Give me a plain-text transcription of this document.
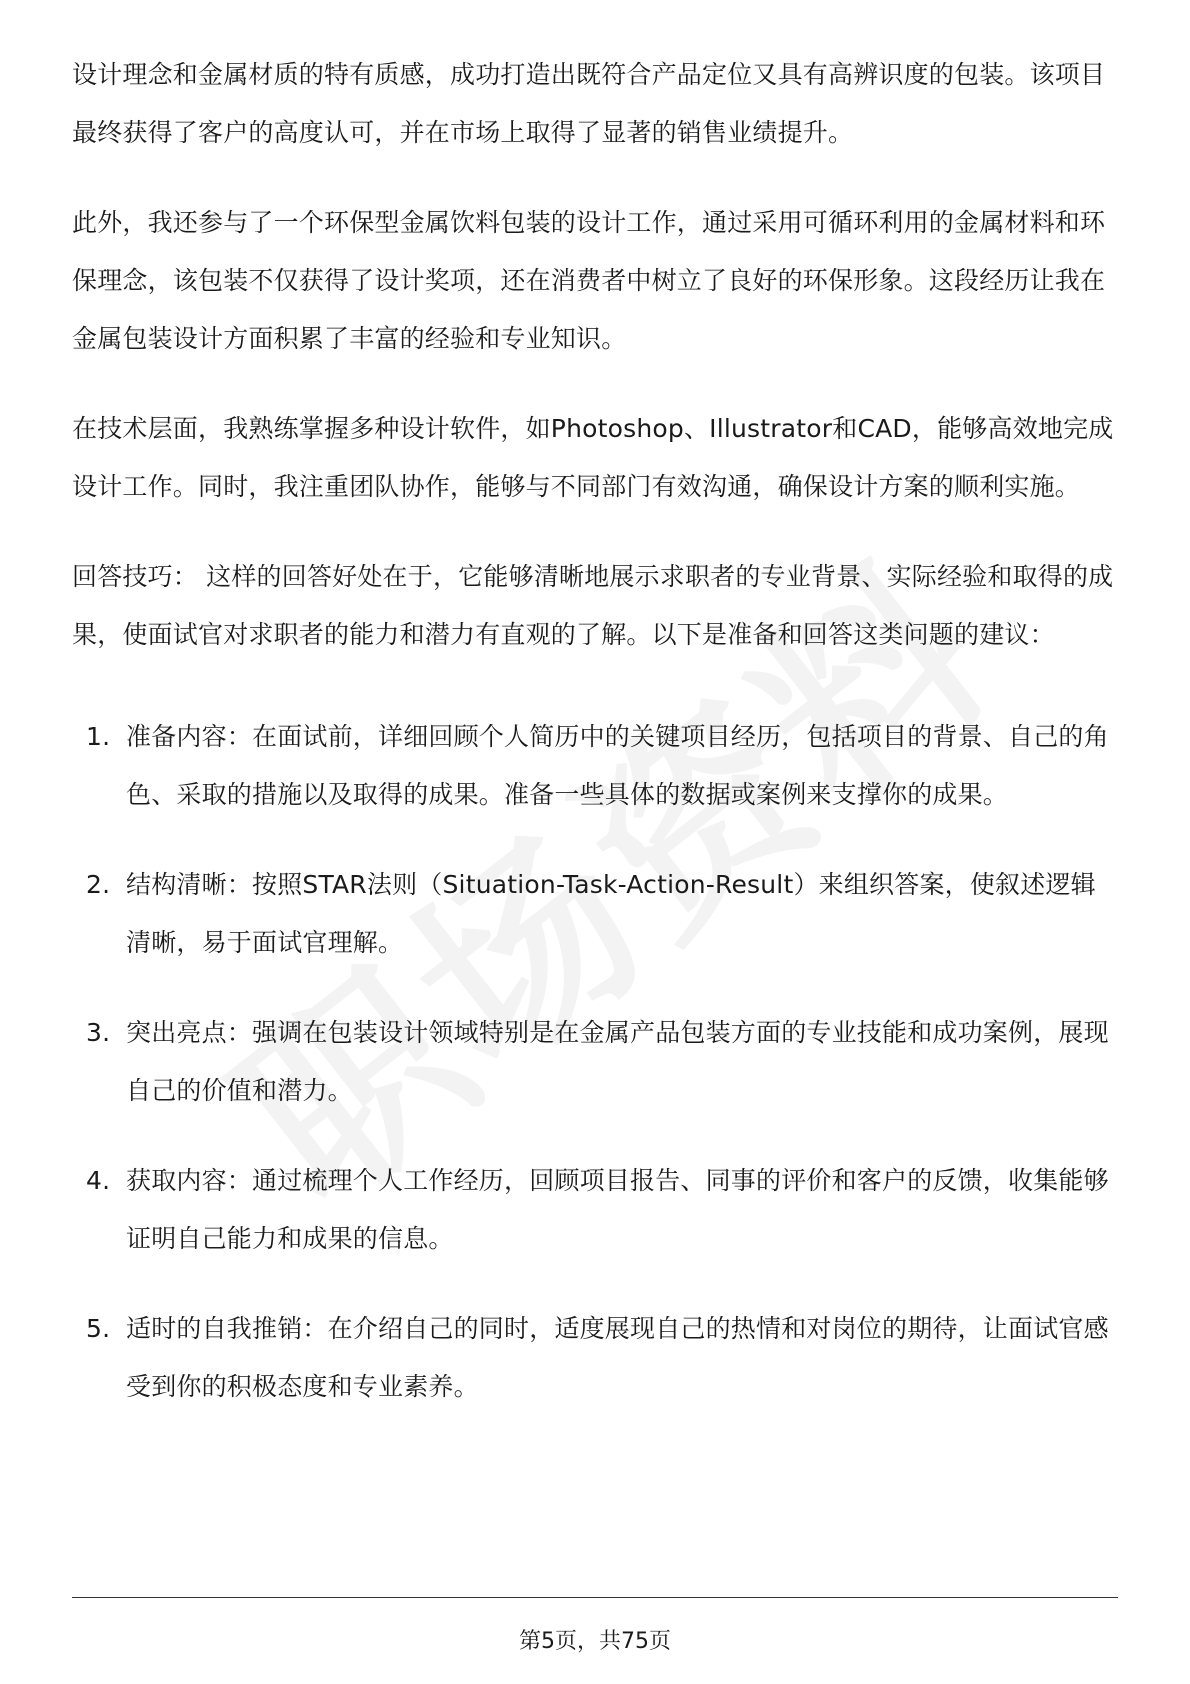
设计理念和金属材质的特有质感，成功打造出既符合产品定位又具有高辨识度的包装。该项目最终获得了客户的高度认可，并在市场上取得了显著的销售业绩提升。

此外，我还参与了一个环保型金属饮料包装的设计工作，通过采用可循环利用的金属材料和环保理念，该包装不仅获得了设计奖项，还在消费者中树立了良好的环保形象。这段经历让我在金属包装设计方面积累了丰富的经验和专业知识。

在技术层面，我熟练掌握多种设计软件，如Photoshop、Illustrator和CAD，能够高效地完成设计工作。同时，我注重团队协作，能够与不同部门有效沟通，确保设计方案的顺利实施。

回答技巧： 这样的回答好处在于，它能够清晰地展示求职者的专业背景、实际经验和取得的成果，使面试官对求职者的能力和潜力有直观的了解。以下是准备和回答这类问题的建议：

1. 准备内容：在面试前，详细回顾个人简历中的关键项目经历，包括项目的背景、自己的角色、采取的措施以及取得的成果。准备一些具体的数据或案例来支撑你的成果。
2. 结构清晰：按照STAR法则（Situation-Task-Action-Result）来组织答案，使叙述逻辑清晰，易于面试官理解。
3. 突出亮点：强调在包装设计领域特别是在金属产品包装方面的专业技能和成功案例，展现自己的价值和潜力。
4. 获取内容：通过梳理个人工作经历，回顾项目报告、同事的评价和客户的反馈，收集能够证明自己能力和成果的信息。
5. 适时的自我推销：在介绍自己的同时，适度展现自己的热情和对岗位的期待，让面试官感受到你的积极态度和专业素养。
第5页，共75页
